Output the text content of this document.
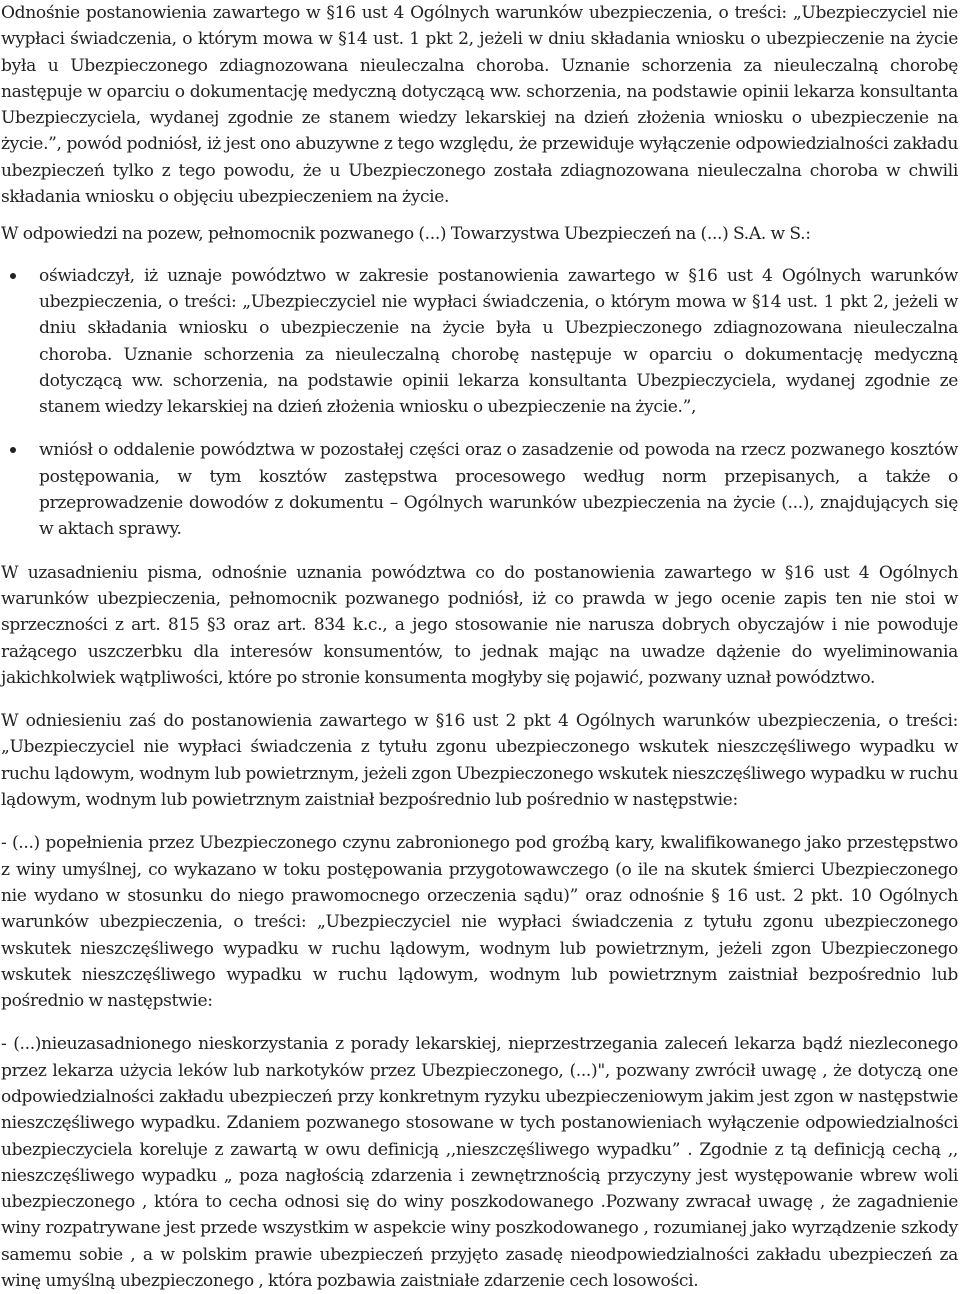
Odnośnie postanowienia zawartego w §16 ust 4 Ogólnych warunków ubezpieczenia, o treści: „Ubezpieczyciel nie wypłaci świadczenia, o którym mowa w §14 ust. 1 pkt 2, jeżeli w dniu składania wniosku o ubezpieczenie na życie była u Ubezpieczonego zdiagnozowana nieuleczalna choroba. Uznanie schorzenia za nieuleczalną chorobę następuje w oparciu o dokumentację medyczną dotyczącą ww. schorzenia, na podstawie opinii lekarza konsultanta Ubezpieczyciela, wydanej zgodnie ze stanem wiedzy lekarskiej na dzień złożenia wniosku o ubezpieczenie na życie.”, powód podniósł, iż jest ono abuzywne z tego względu, że przewiduje wyłączenie odpowiedzialności zakładu ubezpieczeń tylko z tego powodu, że u Ubezpieczonego została zdiagnozowana nieuleczalna choroba w chwili składania wniosku o objęciu ubezpieczeniem na życie.

W odpowiedzi na pozew, pełnomocnik pozwanego (...) Towarzystwa Ubezpieczeń na (...) S.A. w S.:

oświadczył, iż uznaje powództwo w zakresie postanowienia zawartego w §16 ust 4 Ogólnych warunków ubezpieczenia, o treści: „Ubezpieczyciel nie wypłaci świadczenia, o którym mowa w §14 ust. 1 pkt 2, jeżeli w dniu składania wniosku o ubezpieczenie na życie była u Ubezpieczonego zdiagnozowana nieuleczalna choroba. Uznanie schorzenia za nieuleczalną chorobę następuje w oparciu o dokumentację medyczną dotyczącą ww. schorzenia, na podstawie opinii lekarza konsultanta Ubezpieczyciela, wydanej zgodnie ze stanem wiedzy lekarskiej na dzień złożenia wniosku o ubezpieczenie na życie.”,

wniósł o oddalenie powództwa w pozostałej części oraz o zasadzenie od powoda na rzecz pozwanego kosztów postępowania, w tym kosztów zastępstwa procesowego według norm przepisanych, a także o przeprowadzenie dowodów z dokumentu – Ogólnych warunków ubezpieczenia na życie (...), znajdujących się w aktach sprawy.

W uzasadnieniu pisma, odnośnie uznania powództwa co do postanowienia zawartego w §16 ust 4 Ogólnych warunków ubezpieczenia, pełnomocnik pozwanego podniósł, iż co prawda w jego ocenie zapis ten nie stoi w sprzeczności z art. 815 §3 oraz art. 834 k.c., a jego stosowanie nie narusza dobrych obyczajów i nie powoduje rażącego uszczerbku dla interesów konsumentów, to jednak mając na uwadze dążenie do wyeliminowania jakichkolwiek wątpliwości, które po stronie konsumenta mogłyby się pojawić, pozwany uznał powództwo.

W odniesieniu zaś do postanowienia zawartego w §16 ust 2 pkt 4 Ogólnych warunków ubezpieczenia, o treści: „Ubezpieczyciel nie wypłaci świadczenia z tytułu zgonu ubezpieczonego wskutek nieszczęśliwego wypadku w ruchu lądowym, wodnym lub powietrznym, jeżeli zgon Ubezpieczonego wskutek nieszczęśliwego wypadku w ruchu lądowym, wodnym lub powietrznym zaistniał bezpośrednio lub pośrednio w następstwie:

- (...) popełnienia przez Ubezpieczonego czynu zabronionego pod groźbą kary, kwalifikowanego jako przestępstwo z winy umyślnej, co wykazano w toku postępowania przygotowawczego (o ile na skutek śmierci Ubezpieczonego nie wydano w stosunku do niego prawomocnego orzeczenia sądu)” oraz odnośnie § 16 ust. 2 pkt. 10 Ogólnych warunków ubezpieczenia, o treści: „Ubezpieczyciel nie wypłaci świadczenia z tytułu zgonu ubezpieczonego wskutek nieszczęśliwego wypadku w ruchu lądowym, wodnym lub powietrznym, jeżeli zgon Ubezpieczonego wskutek nieszczęśliwego wypadku w ruchu lądowym, wodnym lub powietrznym zaistniał bezpośrednio lub pośrednio w następstwie:

- (...)nieuzasadnionego nieskorzystania z porady lekarskiej, nieprzestrzegania zaleceń lekarza bądź niezleconego przez lekarza użycia leków lub narkotyków przez Ubezpieczonego, (...)", pozwany zwrócił uwagę , że dotyczą one odpowiedzialności zakładu ubezpieczeń przy konkretnym ryzyku ubezpieczeniowym jakim jest zgon w następstwie nieszczęśliwego wypadku. Zdaniem pozwanego stosowane w tych postanowieniach wyłączenie odpowiedzialności ubezpieczyciela koreluje z zawartą w owu definicją ,,nieszczęśliwego wypadku” . Zgodnie z tą definicją cechą ,, nieszczęśliwego wypadku „ poza nagłością zdarzenia i zewnętrznością przyczyny jest występowanie wbrew woli ubezpieczonego , która to cecha odnosi się do winy poszkodowanego .Pozwany zwracał uwagę , że zagadnienie winy rozpatrywane jest przede wszystkim w aspekcie winy poszkodowanego , rozumianej jako wyrządzenie szkody samemu sobie , a w polskim prawie ubezpieczeń przyjęto zasadę nieodpowiedzialności zakładu ubezpieczeń za winę umyślną ubezpieczonego , która pozbawia zaistniałe zdarzenie cech losowości.
